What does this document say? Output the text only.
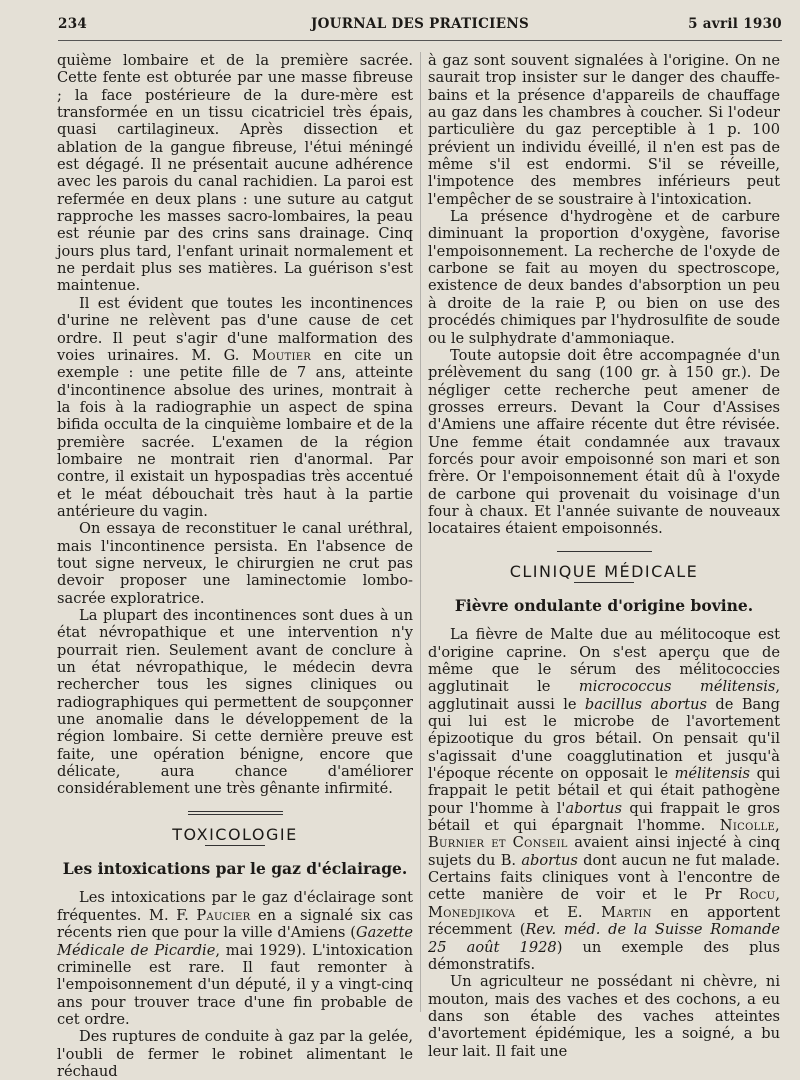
234	JOURNAL DES PRATICIENS	5 avril 1930

quième lombaire et de la première sacrée. Cette fente est obturée par une masse fibreuse ; la face postérieure de la dure-mère est transformée en un tissu cicatriciel très épais, quasi cartilagineux. Après dissection et ablation de la gangue fibreuse, l'étui méningé est dégagé. Il ne présentait aucune adhérence avec les parois du canal rachidien. La paroi est refermée en deux plans : une suture au catgut rapproche les masses sacro-lombaires, la peau est réunie par des crins sans drainage. Cinq jours plus tard, l'enfant urinait normalement et ne perdait plus ses matières. La guérison s'est maintenue.

Il est évident que toutes les incontinences d'urine ne relèvent pas d'une cause de cet ordre. Il peut s'agir d'une malformation des voies urinaires. M. G. Moutier en cite un exemple : une petite fille de 7 ans, atteinte d'incontinence absolue des urines, montrait à la fois à la radiographie un aspect de spina bifida occulta de la cinquième lombaire et de la première sacrée. L'examen de la région lombaire ne montrait rien d'anormal. Par contre, il existait un hypospadias très accentué et le méat débouchait très haut à la partie antérieure du vagin.

On essaya de reconstituer le canal uréthral, mais l'incontinence persista. En l'absence de tout signe nerveux, le chirurgien ne crut pas devoir proposer une laminectomie lombo-sacrée exploratrice.

La plupart des incontinences sont dues à un état névropathique et une intervention n'y pourrait rien. Seulement avant de conclure à un état névropathique, le médecin devra rechercher tous les signes cliniques ou radiographiques qui permettent de soupçonner une anomalie dans le développement de la région lombaire. Si cette dernière preuve est faite, une opération bénigne, encore que délicate, aura chance d'améliorer considérablement une très gênante infirmité.

TOXICOLOGIE
Les intoxications par le gaz d'éclairage.

Les intoxications par le gaz d'éclairage sont fréquentes. M. F. Paucier en a signalé six cas récents rien que pour la ville d'Amiens (Gazette Médicale de Picardie, mai 1929). L'intoxication criminelle est rare. Il faut remonter à l'empoisonnement d'un député, il y a vingt-cinq ans pour trouver trace d'une fin probable de cet ordre.

Des ruptures de conduite à gaz par la gelée, l'oubli de fermer le robinet alimentant le réchaud

à gaz sont souvent signalées à l'origine. On ne saurait trop insister sur le danger des chauffe-bains et la présence d'appareils de chauffage au gaz dans les chambres à coucher. Si l'odeur particulière du gaz perceptible à 1 p. 100 prévient un individu éveillé, il n'en est pas de même s'il est endormi. S'il se réveille, l'impotence des membres inférieurs peut l'empêcher de se soustraire à l'intoxication.

La présence d'hydrogène et de carbure diminuant la proportion d'oxygène, favorise l'empoisonnement. La recherche de l'oxyde de carbone se fait au moyen du spectroscope, existence de deux bandes d'absorption un peu à droite de la raie P, ou bien on use des procédés chimiques par l'hydrosulfite de soude ou le sulphydrate d'ammoniaque.

Toute autopsie doit être accompagnée d'un prélèvement du sang (100 gr. à 150 gr.). De négliger cette recherche peut amener de grosses erreurs. Devant la Cour d'Assises d'Amiens une affaire récente dut être révisée. Une femme était condamnée aux travaux forcés pour avoir empoisonné son mari et son frère. Or l'empoisonnement était dû à l'oxyde de carbone qui provenait du voisinage d'un four à chaux. Et l'année suivante de nouveaux locataires étaient empoisonnés.

CLINIQUE MÉDICALE
Fièvre ondulante d'origine bovine.

La fièvre de Malte due au mélitocoque est d'origine caprine. On s'est aperçu que de même que le sérum des mélitococcies agglutinait le micrococcus mélitensis, agglutinait aussi le bacillus abortus de Bang qui lui est le microbe de l'avortement épizootique du gros bétail. On pensait qu'il s'agissait d'une coagglutination et jusqu'à l'époque récente on opposait le mélitensis qui frappait le petit bétail et qui était pathogène pour l'homme à l'abortus qui frappait le gros bétail et qui épargnait l'homme. Nicolle, Burnier et Conseil avaient ainsi injecté à cinq sujets du B. abortus dont aucun ne fut malade. Certains faits cliniques vont à l'encontre de cette manière de voir et le Pr Rocu, Monedjikova et E. Martin en apportent récemment (Rev. méd. de la Suisse Romande 25 août 1928) un exemple des plus démonstratifs.

Un agriculteur ne possédant ni chèvre, ni mouton, mais des vaches et des cochons, a eu dans son étable des vaches atteintes d'avortement épidémique, les a soigné, a bu leur lait. Il fait une
